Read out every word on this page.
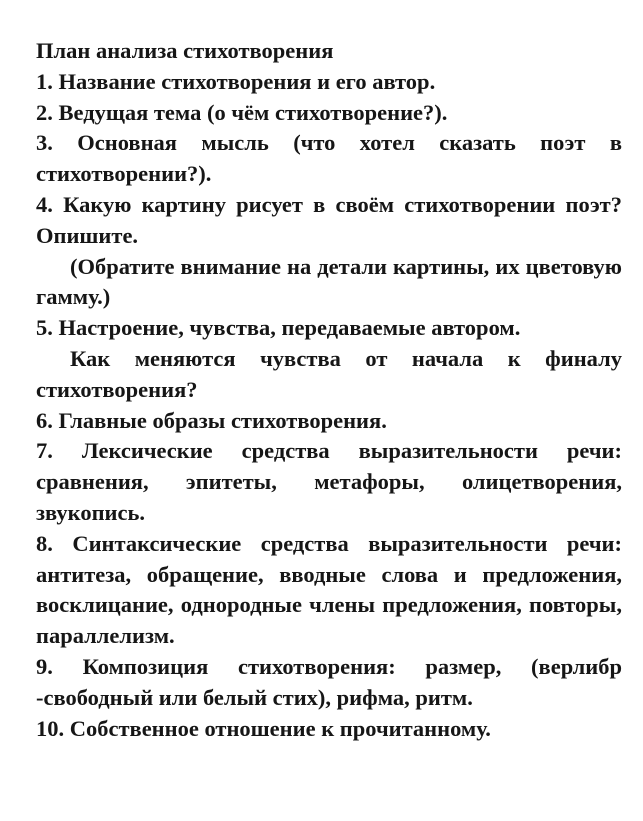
План анализа стихотворения

1. Название стихотворения и его автор.

2. Ведущая тема (о чём стихотворение?).

3. Основная мысль (что хотел сказать поэт в стихотворении?).

4. Какую картину рисует в своём стихотворении поэт? Опишите.

(Обратите внимание на детали картины, их цветовую гамму.)

5. Настроение, чувства, передаваемые автором.

Как меняются чувства от начала к финалу стихотворения?

6. Главные образы стихотворения.

7. Лексические средства выразительности речи: сравнения, эпитеты, метафоры, олицетворения, звукопись.

8. Синтаксические средства выразительности речи: антитеза, обращение, вводные слова и предложения, восклицание, однородные члены предложения, повторы, параллелизм.

9. Композиция стихотворения: размер, (верлибр -свободный или белый стих), рифма, ритм.

10. Собственное отношение к прочитанному.
